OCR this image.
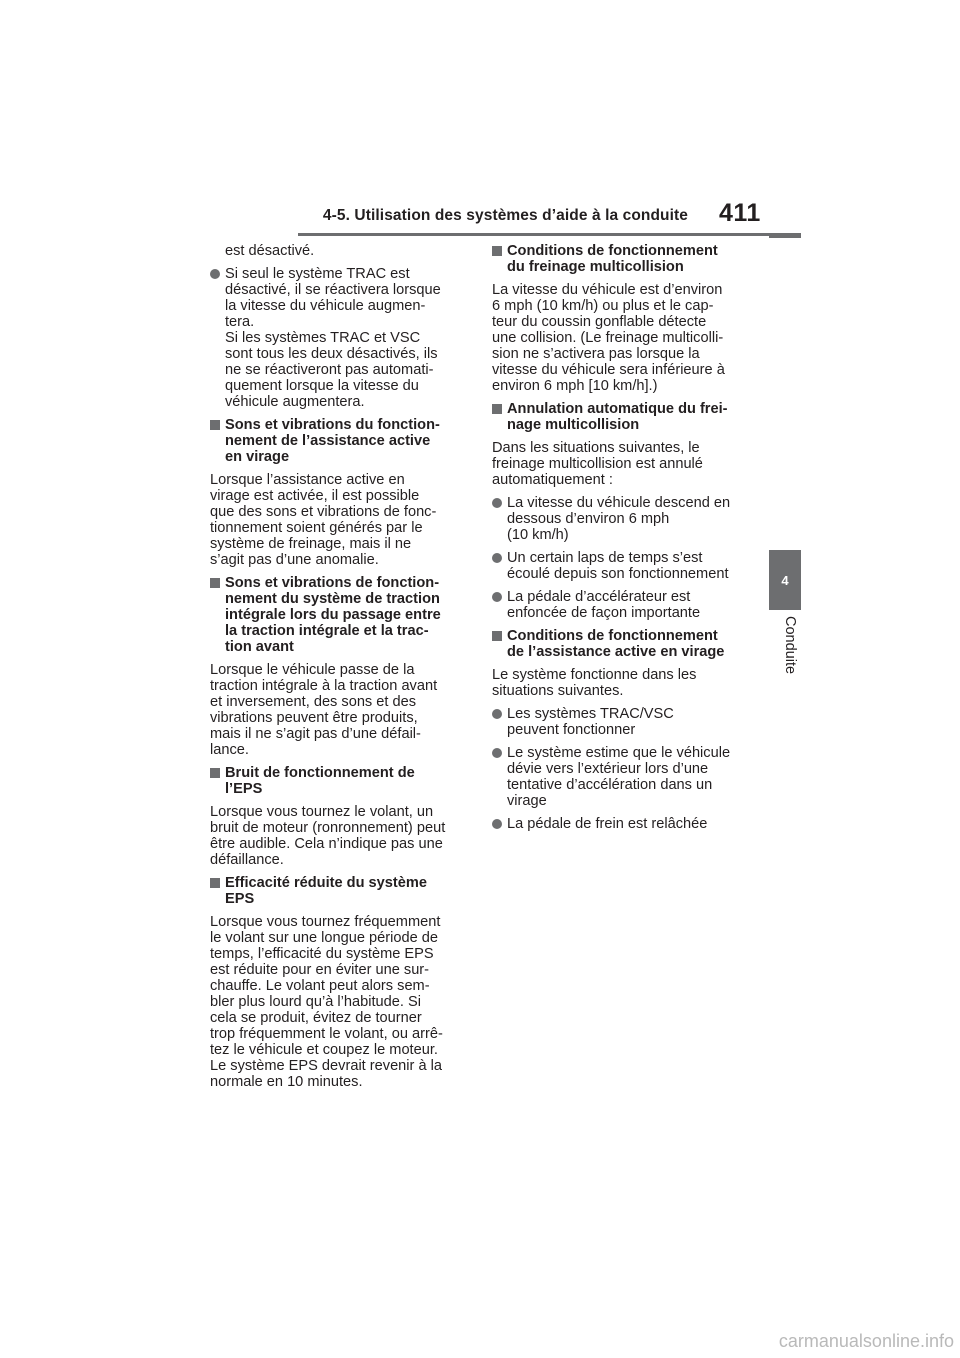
4-5. Utilisation des systèmes d’aide à la conduite 411
4
Conduite
est désactivé.
Si seul le système TRAC est
désactivé, il se réactivera lorsque
la vitesse du véhicule augmen-
tera.
Si les systèmes TRAC et VSC
sont tous les deux désactivés, ils
ne se réactiveront pas automati-
quement lorsque la vitesse du
véhicule augmentera.
Sons et vibrations du fonction-
nement de l’assistance active
en virage
Lorsque l’assistance active en
virage est activée, il est possible
que des sons et vibrations de fonc-
tionnement soient générés par le
système de freinage, mais il ne
s’agit pas d’une anomalie.
Sons et vibrations de fonction-
nement du système de traction
intégrale lors du passage entre
la traction intégrale et la trac-
tion avant
Lorsque le véhicule passe de la
traction intégrale à la traction avant
et inversement, des sons et des
vibrations peuvent être produits,
mais il ne s’agit pas d’une défail-
lance.
Bruit de fonctionnement de
l’EPS
Lorsque vous tournez le volant, un
bruit de moteur (ronronnement) peut
être audible. Cela n’indique pas une
défaillance.
Efficacité réduite du système
EPS
Lorsque vous tournez fréquemment
le volant sur une longue période de
temps, l’efficacité du système EPS
est réduite pour en éviter une sur-
chauffe. Le volant peut alors sem-
bler plus lourd qu’à l’habitude. Si
cela se produit, évitez de tourner
trop fréquemment le volant, ou arrê-
tez le véhicule et coupez le moteur.
Le système EPS devrait revenir à la
normale en 10 minutes.
Conditions de fonctionnement
du freinage multicollision
La vitesse du véhicule est d’environ
6 mph (10 km/h) ou plus et le cap-
teur du coussin gonflable détecte
une collision. (Le freinage multicolli-
sion ne s’activera pas lorsque la
vitesse du véhicule sera inférieure à
environ 6 mph [10 km/h].)
Annulation automatique du frei-
nage multicollision
Dans les situations suivantes, le
freinage multicollision est annulé
automatiquement :
La vitesse du véhicule descend en
dessous d’environ 6 mph
(10 km/h)
Un certain laps de temps s’est
écoulé depuis son fonctionnement
La pédale d’accélérateur est
enfoncée de façon importante
Conditions de fonctionnement
de l’assistance active en virage
Le système fonctionne dans les
situations suivantes.
Les systèmes TRAC/VSC
peuvent fonctionner
Le système estime que le véhicule
dévie vers l’extérieur lors d’une
tentative d’accélération dans un
virage
La pédale de frein est relâchée
carmanualsonline.info
